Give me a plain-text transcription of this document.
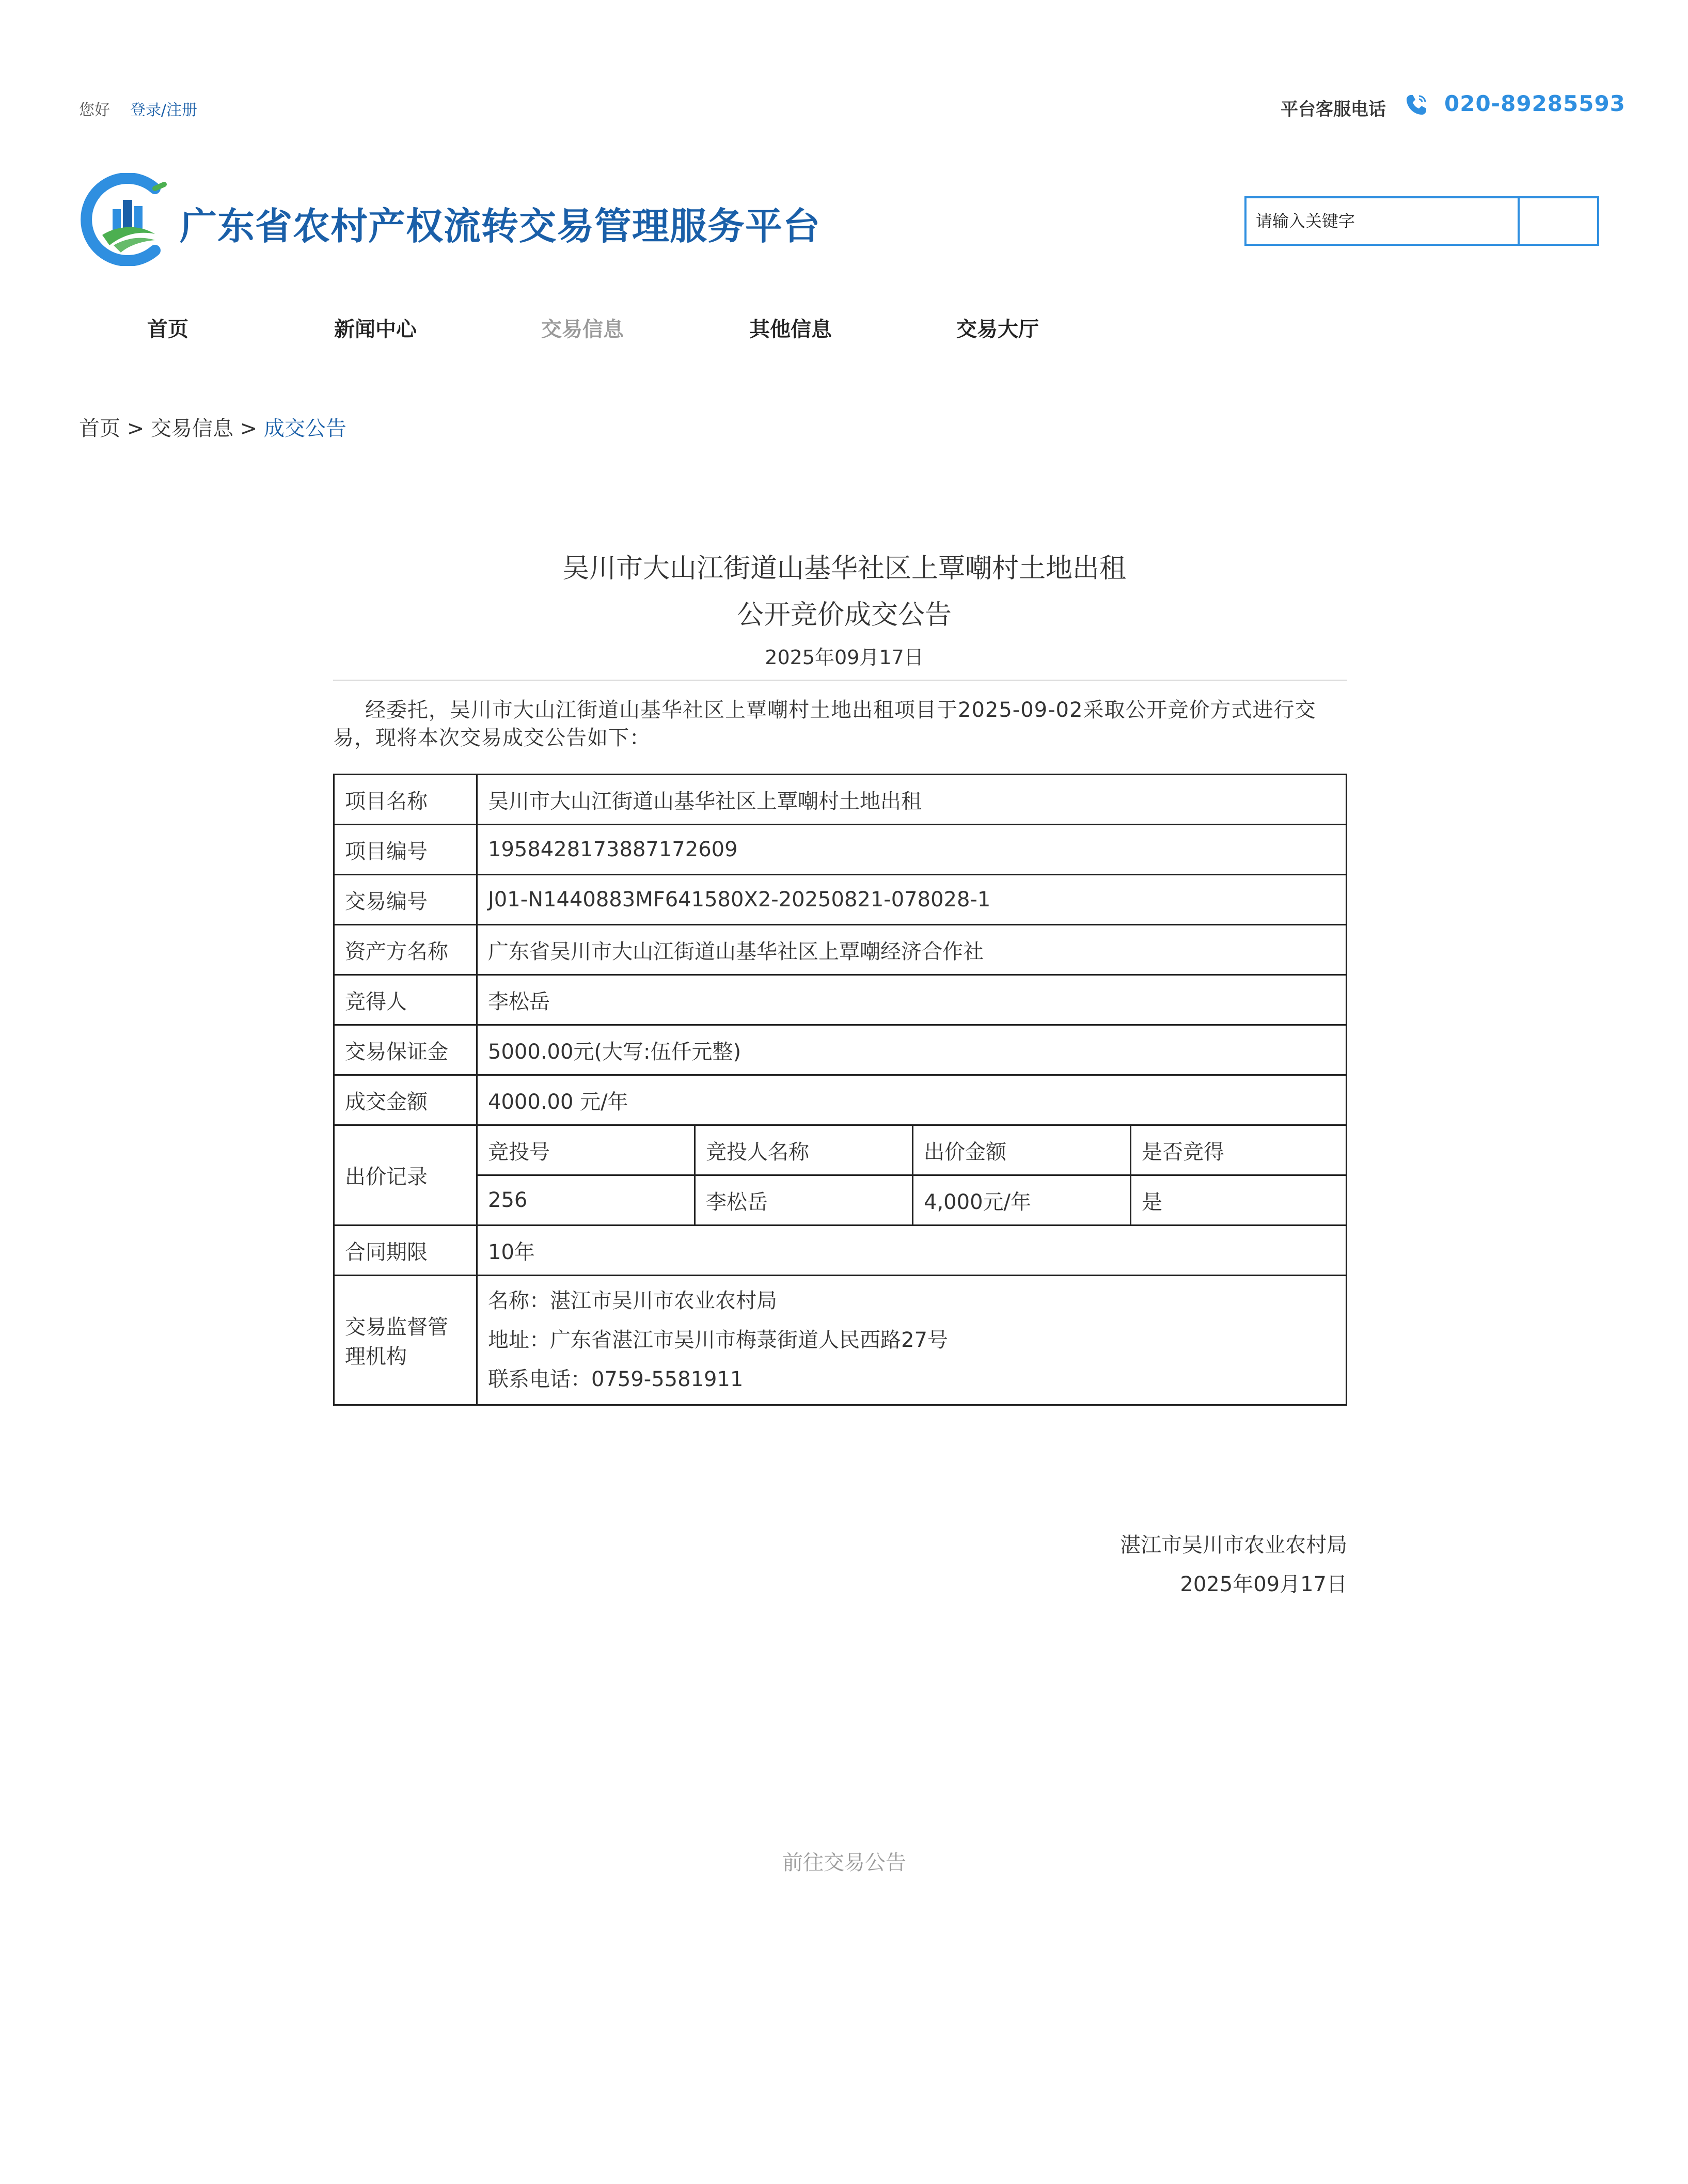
您好 登录/注册	平台客服电话	020-89285593
广东省农村产权流转交易管理服务平台
请输入关键字
首页	新闻中心	交易信息	其他信息	交易大厅
首页 > 交易信息 > 成交公告
吴川市大山江街道山基华社区上覃嘲村土地出租
公开竞价成交公告
2025年09月17日
经委托，吴川市大山江街道山基华社区上覃嘲村土地出租项目于2025-09-02采取公开竞价方式进行交易，现将本次交易成交公告如下：
项目名称	吴川市大山江街道山基华社区上覃嘲村土地出租			
项目编号	1958428173887172609			
交易编号	J01-N1440883MF641580X2-20250821-078028-1			
资产方名称	广东省吴川市大山江街道山基华社区上覃嘲经济合作社			
竞得人	李松岳			
交易保证金	5000.00元(大写:伍仟元整)			
成交金额	4000.00 元/年			
出价记录	竞投号	竞投人名称	出价金额	是否竞得
	256	李松岳	4,000元/年	是
合同期限	10年			
交易监督管理机构	名称：湛江市吴川市农业农村局
地址：广东省湛江市吴川市梅菉街道人民西路27号
联系电话：0759-5581911			
湛江市吴川市农业农村局
2025年09月17日
前往交易公告
